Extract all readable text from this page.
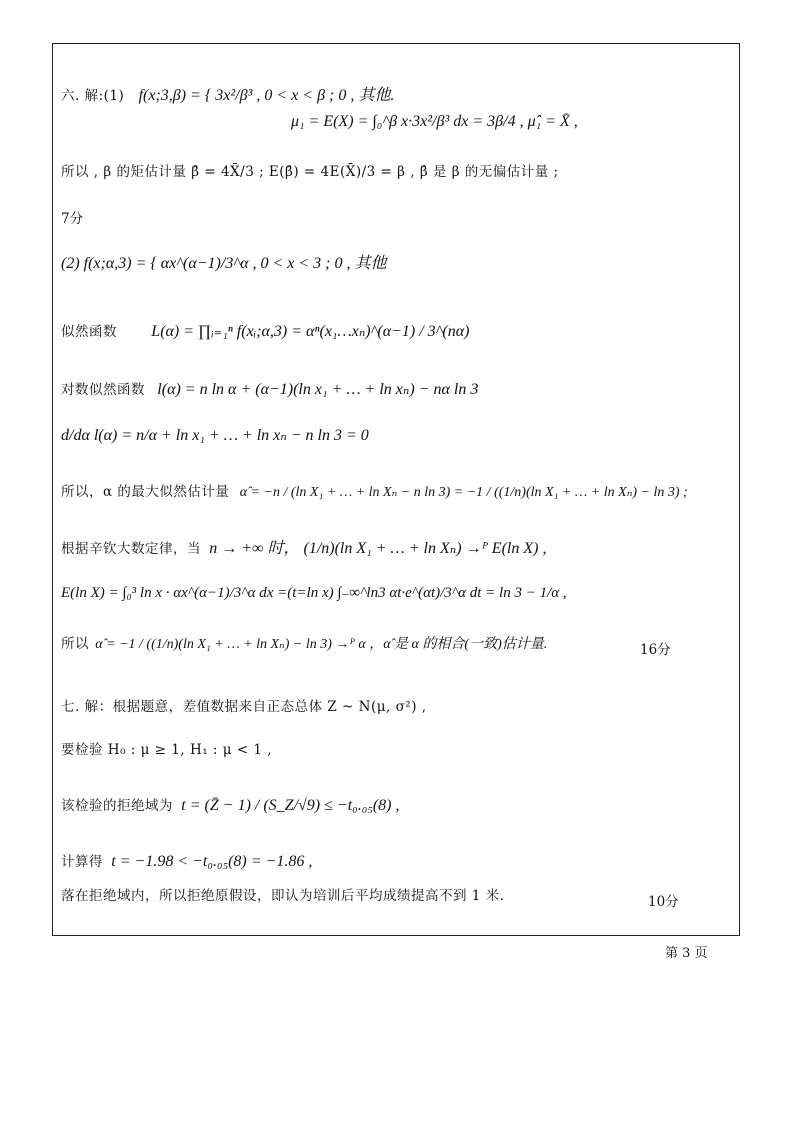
六. 解:(1) f(x;3,β) = { 3x²/β³ , 0 < x < β ; 0 , 其他.
μ₁ = E(X) = ∫₀^β x·3x²/β³ dx = 3β/4 , μ̂₁ = X̄ ,
所以 , β 的矩估计量 β̂ = 4X̄/3 ; E(β̂) = 4E(X̄)/3 = β , β̂ 是 β 的无偏估计量 ;
7分
(2) f(x;α,3) = { αx^(α−1)/3^α , 0 < x < 3 ; 0 , 其他
似然函数 L(α) = ∏ᵢ₌₁ⁿ f(xᵢ;α,3) = αⁿ(x₁…xₙ)^(α−1) / 3^(nα)
对数似然函数 l(α) = n ln α + (α−1)(ln x₁ + … + ln xₙ) − nα ln 3
d/dα l(α) = n/α + ln x₁ + … + ln xₙ − n ln 3 = 0
所以，α 的最大似然估计量 α̂ = −n / (ln X₁ + … + ln Xₙ − n ln 3) = −1 / ((1/n)(ln X₁ + … + ln Xₙ) − ln 3) ;
根据辛钦大数定律，当 n → +∞ 时， (1/n)(ln X₁ + … + ln Xₙ) →ᴾ E(ln X) ,
E(ln X) = ∫₀³ ln x · αx^(α−1)/3^α dx =(t=ln x) ∫₋∞^ln3 αt·e^(αt)/3^α dt = ln 3 − 1/α ,
所以 α̂ = −1 / ((1/n)(ln X₁ + … + ln Xₙ) − ln 3) →ᴾ α ，α̂ 是 α 的相合(一致)估计量.	16分
七. 解：根据题意，差值数据来自正态总体 Z ~ N(μ, σ²) ,
要检验 H₀ : μ ≥ 1, H₁ : μ < 1 ,
该检验的拒绝域为 t = (Z̄ − 1) / (S_Z/√9) ≤ −t₀.₀₅(8) ,
计算得 t = −1.98 < −t₀.₀₅(8) = −1.86 ,
落在拒绝域内，所以拒绝原假设，即认为培训后平均成绩提高不到 1 米.	10分
第 3 页
